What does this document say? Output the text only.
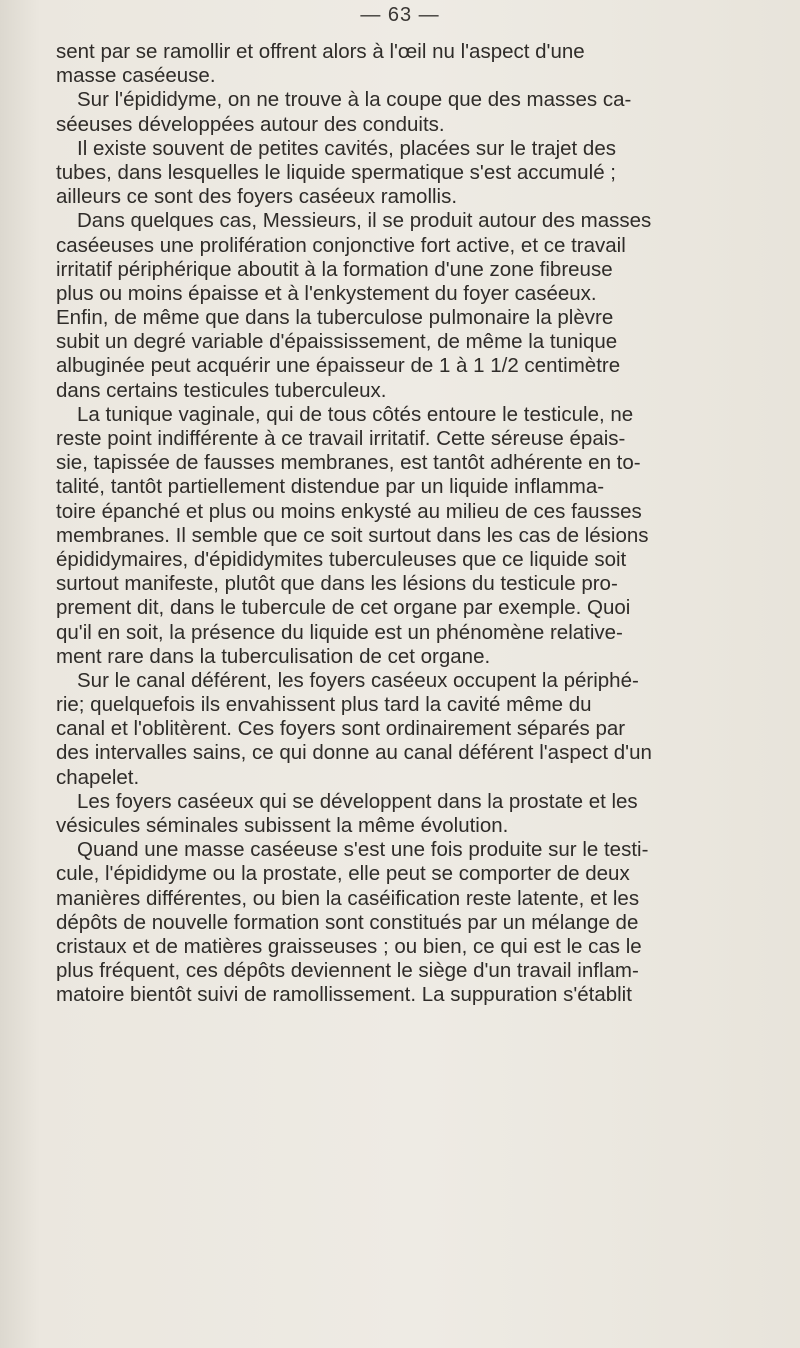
— 63 —
sent par se ramollir et offrent alors à l'œil nu l'aspect d'une
masse caséeuse.
Sur l'épididyme, on ne trouve à la coupe que des masses ca-
séeuses développées autour des conduits.
Il existe souvent de petites cavités, placées sur le trajet des
tubes, dans lesquelles le liquide spermatique s'est accumulé ;
ailleurs ce sont des foyers caséeux ramollis.
Dans quelques cas, Messieurs, il se produit autour des masses
caséeuses une prolifération conjonctive fort active, et ce travail
irritatif périphérique aboutit à la formation d'une zone fibreuse
plus ou moins épaisse et à l'enkystement du foyer caséeux.
Enfin, de même que dans la tuberculose pulmonaire la plèvre
subit un degré variable d'épaississement, de même la tunique
albuginée peut acquérir une épaisseur de 1 à 1 1/2 centimètre
dans certains testicules tuberculeux.
La tunique vaginale, qui de tous côtés entoure le testicule, ne
reste point indifférente à ce travail irritatif. Cette séreuse épais-
sie, tapissée de fausses membranes, est tantôt adhérente en to-
talité, tantôt partiellement distendue par un liquide inflamma-
toire épanché et plus ou moins enkysté au milieu de ces fausses
membranes. Il semble que ce soit surtout dans les cas de lésions
épididymaires, d'épididymites tuberculeuses que ce liquide soit
surtout manifeste, plutôt que dans les lésions du testicule pro-
prement dit, dans le tubercule de cet organe par exemple. Quoi
qu'il en soit, la présence du liquide est un phénomène relative-
ment rare dans la tuberculisation de cet organe.
Sur le canal déférent, les foyers caséeux occupent la périphé-
rie; quelquefois ils envahissent plus tard la cavité même du
canal et l'oblitèrent. Ces foyers sont ordinairement séparés par
des intervalles sains, ce qui donne au canal déférent l'aspect d'un
chapelet.
Les foyers caséeux qui se développent dans la prostate et les
vésicules séminales subissent la même évolution.
Quand une masse caséeuse s'est une fois produite sur le testi-
cule, l'épididyme ou la prostate, elle peut se comporter de deux
manières différentes, ou bien la caséification reste latente, et les
dépôts de nouvelle formation sont constitués par un mélange de
cristaux et de matières graisseuses ; ou bien, ce qui est le cas le
plus fréquent, ces dépôts deviennent le siège d'un travail inflam-
matoire bientôt suivi de ramollissement. La suppuration s'établit
